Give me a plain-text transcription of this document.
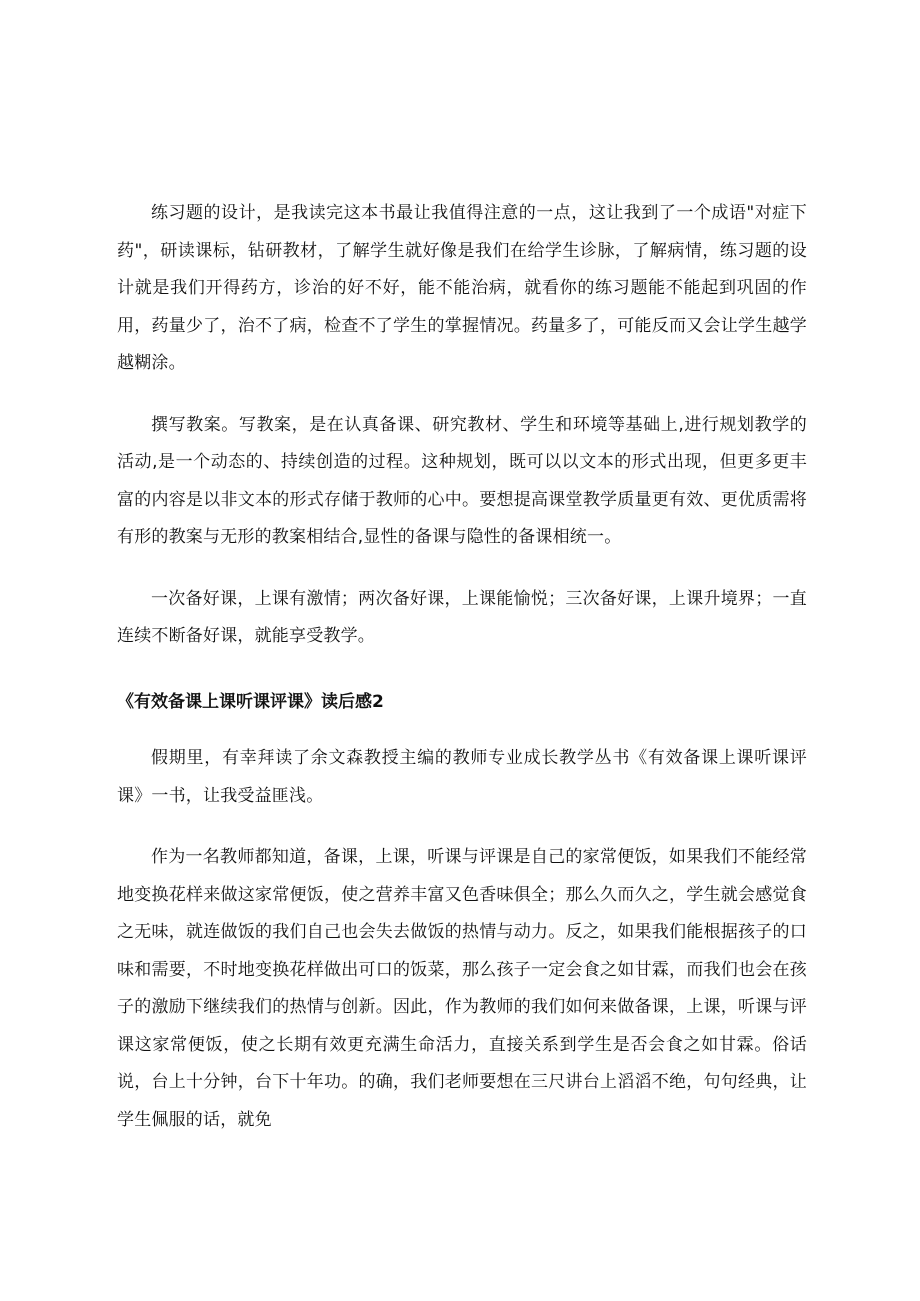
练习题的设计，是我读完这本书最让我值得注意的一点，这让我到了一个成语"对症下药"，研读课标，钻研教材，了解学生就好像是我们在给学生诊脉，了解病情，练习题的设计就是我们开得药方，诊治的好不好，能不能治病，就看你的练习题能不能起到巩固的作用，药量少了，治不了病，检查不了学生的掌握情况。药量多了，可能反而又会让学生越学越糊涂。

撰写教案。写教案，是在认真备课、研究教材、学生和环境等基础上,进行规划教学的活动,是一个动态的、持续创造的过程。这种规划，既可以以文本的形式出现，但更多更丰富的内容是以非文本的形式存储于教师的心中。要想提高课堂教学质量更有效、更优质需将有形的教案与无形的教案相结合,显性的备课与隐性的备课相统一。

一次备好课，上课有激情；两次备好课，上课能愉悦；三次备好课，上课升境界；一直连续不断备好课，就能享受教学。

《有效备课上课听课评课》读后感2

假期里，有幸拜读了余文森教授主编的教师专业成长教学丛书《有效备课上课听课评课》一书，让我受益匪浅。

作为一名教师都知道，备课，上课，听课与评课是自己的家常便饭，如果我们不能经常地变换花样来做这家常便饭，使之营养丰富又色香味俱全；那么久而久之，学生就会感觉食之无味，就连做饭的我们自己也会失去做饭的热情与动力。反之，如果我们能根据孩子的口味和需要，不时地变换花样做出可口的饭菜，那么孩子一定会食之如甘霖，而我们也会在孩子的激励下继续我们的热情与创新。因此，作为教师的我们如何来做备课，上课，听课与评课这家常便饭，使之长期有效更充满生命活力，直接关系到学生是否会食之如甘霖。俗话说，台上十分钟，台下十年功。的确，我们老师要想在三尺讲台上滔滔不绝，句句经典，让学生佩服的话，就免
